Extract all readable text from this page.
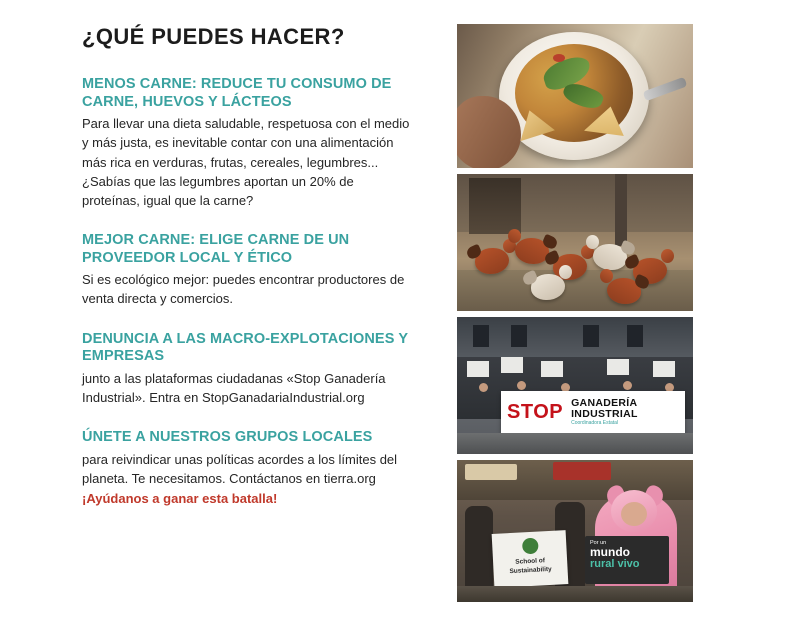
¿QUÉ PUEDES HACER?
MENOS CARNE: REDUCE TU CONSUMO DE CARNE, HUEVOS Y LÁCTEOS

Para llevar una dieta saludable, respetuosa con el medio y más justa, es inevitable contar con una alimentación más rica en verduras, frutas, cereales, legumbres... ¿Sabías que las legumbres aportan un 20% de proteínas, igual que la carne?

MEJOR CARNE: ELIGE CARNE DE UN PROVEEDOR LOCAL Y ÉTICO

Si es ecológico mejor: puedes encontrar productores de venta directa y comercios.

DENUNCIA A LAS MACRO-EXPLOTACIONES Y EMPRESAS

junto a las plataformas ciudadanas «Stop Ganadería Industrial». Entra en StopGanadariaIndustrial.org

ÚNETE A NUESTROS GRUPOS LOCALES

para reivindicar unas políticas acordes a los límites del planeta. Te necesitamos. Contáctanos en tierra.org

¡Ayúdanos a ganar esta batalla!

STOP GANADERÍA
INDUSTRIAL
Coordinadora Estatal
Por un
mundo
rural vivo
School of
Sustainability
